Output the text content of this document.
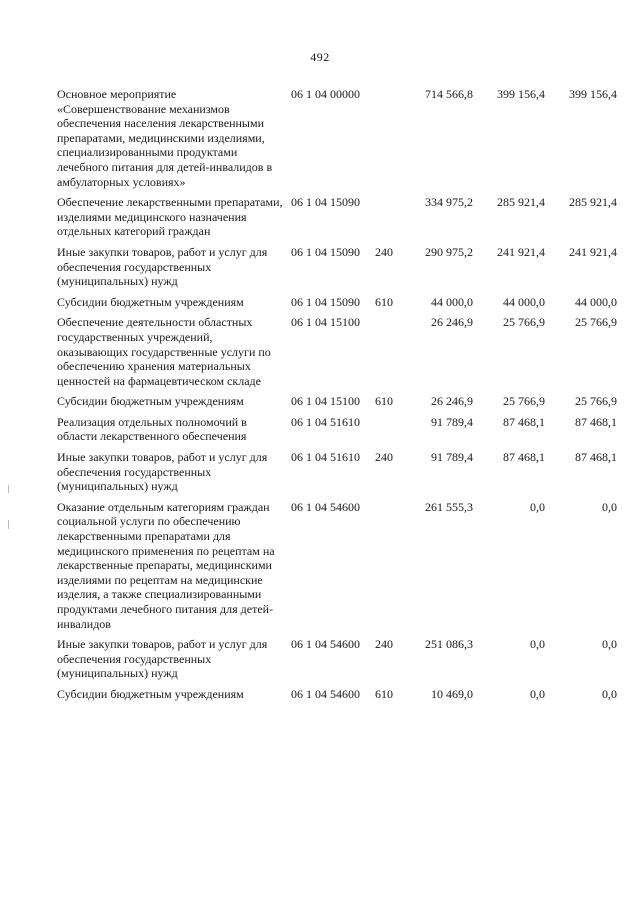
492
Основное мероприятие «Совершенствование механизмов обеспечения населения лекарственными препаратами, медицинскими изделиями, специализированными продуктами лечебного питания для детей-инвалидов в амбулаторных условиях»	06 1 04 00000		714 566,8	399 156,4	399 156,4
Обеспечение лекарственными препаратами, изделиями медицинского назначения отдельных категорий граждан	06 1 04 15090		334 975,2	285 921,4	285 921,4
Иные закупки товаров, работ и услуг для обеспечения государственных (муниципальных) нужд	06 1 04 15090	240	290 975,2	241 921,4	241 921,4
Субсидии бюджетным учреждениям	06 1 04 15090	610	44 000,0	44 000,0	44 000,0
Обеспечение деятельности областных государственных учреждений, оказывающих государственные услуги по обеспечению хранения материальных ценностей на фармацевтическом складе	06 1 04 15100		26 246,9	25 766,9	25 766,9
Субсидии бюджетным учреждениям	06 1 04 15100	610	26 246,9	25 766,9	25 766,9
Реализация отдельных полномочий в области лекарственного обеспечения	06 1 04 51610		91 789,4	87 468,1	87 468,1
Иные закупки товаров, работ и услуг для обеспечения государственных (муниципальных) нужд	06 1 04 51610	240	91 789,4	87 468,1	87 468,1
Оказание отдельным категориям граждан социальной услуги по обеспечению лекарственными препаратами для медицинского применения по рецептам на лекарственные препараты, медицинскими изделиями по рецептам на медицинские изделия, а также специализированными продуктами лечебного питания для детей-инвалидов	06 1 04 54600		261 555,3	0,0	0,0
Иные закупки товаров, работ и услуг для обеспечения государственных (муниципальных) нужд	06 1 04 54600	240	251 086,3	0,0	0,0
Субсидии бюджетным учреждениям	06 1 04 54600	610	10 469,0	0,0	0,0
